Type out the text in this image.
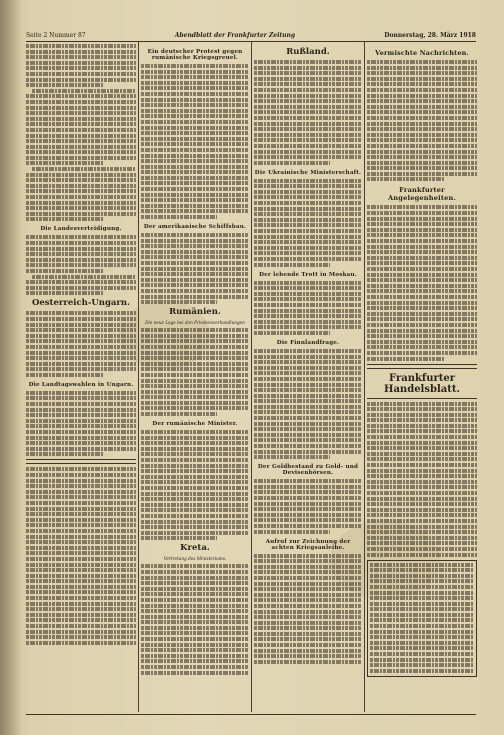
Seite 2 Nummer 87	Abendblatt der Frankfurter Zeitung	Donnerstag, 28. März 1918
Die Landesverteidigung.
Oesterreich-Ungarn.
Die Landtagswahlen in Ungarn.
Ein deutscher Protest gegen rumänische Kriegsgreuel.
Der amerikanische Schiffsbau.
Rumänien.
Die neue Lage bei den Friedensverhandlungen
Der rumänische Minister.
Kreta.
Vertretung des Ministeriums.
Rußland.
Die Ukrainische Ministerschaft.
Der lebende Trott in Moskau.
Die Finnlandfrage.
Der Goldbestand zu Gold- und Devisenbörsen.
Aufruf zur Zeichnung der achten Kriegsanleihe.
Vermischte Nachrichten.
Frankfurter Angelegenheiten.
Frankfurter Handelsblatt.
